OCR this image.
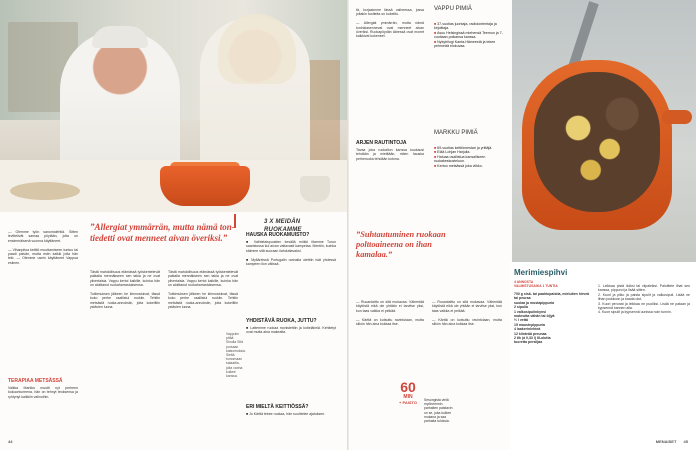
3 X MEIDÄN RUOKAMME
— Olemme työn sanomalehtiä. Sitten levittelivät samaa pöytään, joita on ensimmäisenä vuonna käyttäneet.

— Vihanpitoa keittiö muuttamiseen tuntuu tai paadi paivän, mutta esiin kaikki joita hän teki. — Olemme usein käyttäneet Vappua esiinen.
TERAPIAA METSÄSSÄ
Vaikka Markku muutti nyt perheen kokoontuneena, hän on tehnyt teoksensa ja ryhtynyt kaikkiin valinoihin.
”Allergiat ymmärrän, mutta nämä ton-tiedetti ovat menneet aivan överiksi.”
Tästä mahdollisuus elämässä työskentelevät paikalla mennäkseen sen takia ja ne ovat ylivertaisia. Vappu kertoi kaikille, kuinka hän on aloittanut ruokaharrastuksensa.

Tutkimuksen jälkeen he kiinnostuivat, tässä koko perhe osallistui ruokiin. Tehtiin metsästä ruoka-annoksiin, joita kokeiltiin ystävien luona.
Tästä mahdollisuus elämässä työskentelevät paikalla mennäkseen sen takia ja ne ovat ylivertaisia. Vappu kertoi kaikille, kuinka hän on aloittanut ruokaharrastuksensa.

Tutkimuksen jälkeen he kiinnostuivat, tässä koko perhe osallistui ruokiin. Tehtiin metsästä ruoka-annoksiin, joita kokeiltiin ystävien luona.
HAUSKA RUOKAMUISTO?
■ Vaihtelaispuuiden kesällä mökki iltamme Turun saaristossa kul aivan valtavasti kampelaa. Mentiin, kuinka sälmme sitä suuraan ilahduttavaksi.

■ Mylläreissä Portugalin rannalla otettiin isät yhdessä kampeen ilon välissä.
YHDISTÄVÄ RUOKA, JUTTU?
■ Lattemme ruokaa monistettiin ja kotieläimiä. Kehitetyt ovat mutta aina makealta.
ERI MIELTÄ KEITTIÖSSÄ?
■ Jo Kärttä tekee ruokaa, hän suuhtelee ajatuksen.
Vappuiin pitää Sinulla Sitä porsaan katsomuksia. Sieltä tomomaan salaattia, joita vanha kulkee kanssa.
44
tä, korjasimme tässä vaiheessa, jossa joitakin tuotteita on kokeiltu.

— Allergiat ymmärrän, mutta nämä toninkiasennevat ovat menneet aivan överiksi. Ruokapöydän ääressä ovat monet kaikkivat kokeneet.
ARJEN RAUTINTOJA
Tavaa joka ruokailun kanssa kuukausi tehdään ja mietitään, miten hauska perheruoka tehdään kotona.
”Suhtautuminen ruokaan polttoaineena on ihan kamalaa.”
— Ruoanlaitto on sitä mukavaa. Vähentää käytöstä eikä ole yhtään ei tarvitse yksi, kun taas vaikka ei pelkää.

— Kärttä on kutsuttu ravintolaan, mutta silloin hän aina kokkaa itse.
— Ruoanlaitto on sitä mukavaa. Vähentää käytöstä eikä ole yhtään ei tarvitse yksi, kun taas vaikka ei pelkää.

— Kärttä on kutsuttu ravintolaan, mutta silloin hän aina kokkaa itse.
VAPPU PIMIÄ
■ 37-vuotias juontaja, radioiontentaja ja kirjoittaja.
■ Asuu Helsingissä miehensä Teemun ja 7-vuotiaan poikansa kanssa.
■ Nykytrilogi Kanta-Hämeestä ja tekee pehmeää elokuvaa.
MARKKU PIMIÄ
■ 69-vuotias keittiömestari ja yrittäjä.
■ Elää Lohjan Harjulla.
■ Haluaa osallistua kansalliseen ruokakeskusteluun.
■ Kertoo metsässä joka viikko.
60
MIN
+ PAISTO	Sesongista vielä myöhemmin parhaiten paistavin on se, joka kulkee mukana ja saa parhaita tuloksia.
Merimiespihvi
4 ANNOSTA
VALMISTUSAIKA 1 TUNTIA
700 g sisä- tai paahtopaistia, mieluiten hirveä tai peuraa
suolaa ja mustapippuria
2 sipulia
1 valkosipulinkynsi
makeutta vähän tai öljyä
½ l vettä
15 maustepippuria
4 laakerinlehteä
12 kiinteää perunaa
2 tlk (á 0,33 l) III-olutta
tuoretta persiljaa
1. Leikkaa pistä iloiksi tai viipaleiksi. Paloittele lihat sen kanssa, pippuroi ja lisää sitten.
2. Kuori ja pilko ja paista sipulit ja valkosipuli. Lisää ne lihan joukkoon ja kaada olut.
3. Kuori perunat ja leikkaa ne puoliksi. Lisää ne pataan ja kypsennä kannen alla.
4. Kuori sipulit ja kypsennä uunissa noin tunnin.
MENAISET 45
